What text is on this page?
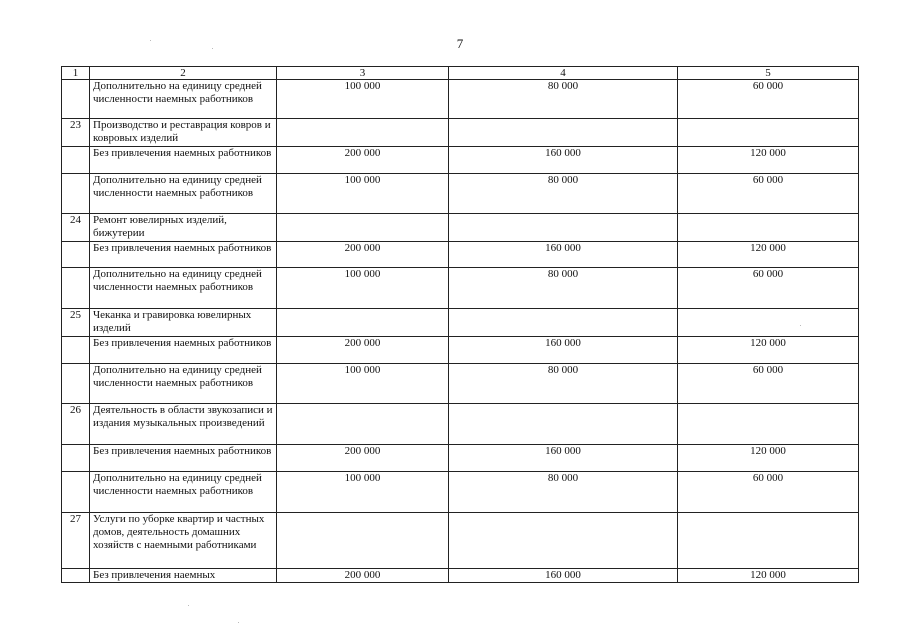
7
1	2	3	4	5
	Дополнительно на единицу средней численности наемных работников	100 000	80 000	60 000
23	Производство и реставрация ковров и ковровых изделий			
	Без привлечения наемных работников	200 000	160 000	120 000
	Дополнительно на единицу средней численности наемных работников	100 000	80 000	60 000
24	Ремонт ювелирных изделий, бижутерии			
	Без привлечения наемных работников	200 000	160 000	120 000
	Дополнительно на единицу средней численности наемных работников	100 000	80 000	60 000
25	Чеканка и гравировка ювелирных изделий			
	Без привлечения наемных работников	200 000	160 000	120 000
	Дополнительно на единицу средней численности наемных работников	100 000	80 000	60 000
26	Деятельность в области звукозаписи и издания музыкальных произведений			
	Без привлечения наемных работников	200 000	160 000	120 000
	Дополнительно на единицу средней численности наемных работников	100 000	80 000	60 000
27	Услуги по уборке квартир и частных домов, деятельность домашних хозяйств с наемными работниками			
	Без привлечения наемных	200 000	160 000	120 000
